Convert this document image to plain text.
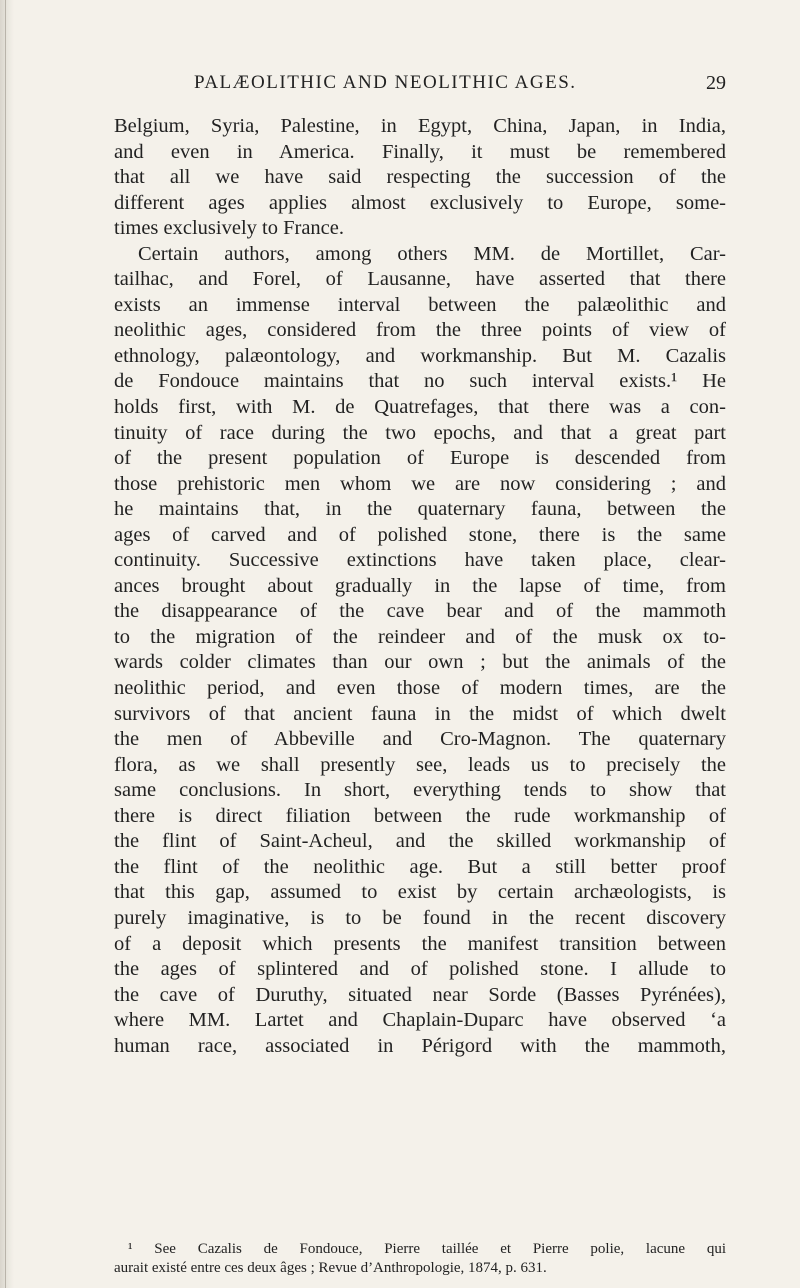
PALÆOLITHIC AND NEOLITHIC AGES.	29
Belgium, Syria, Palestine, in Egypt, China, Japan, in India,
and even in America. Finally, it must be remembered
that all we have said respecting the succession of the
different ages applies almost exclusively to Europe, some-
times exclusively to France.
Certain authors, among others MM. de Mortillet, Car-
tailhac, and Forel, of Lausanne, have asserted that there
exists an immense interval between the palæolithic and
neolithic ages, considered from the three points of view of
ethnology, palæontology, and workmanship. But M. Cazalis
de Fondouce maintains that no such interval exists.¹ He
holds first, with M. de Quatrefages, that there was a con-
tinuity of race during the two epochs, and that a great part
of the present population of Europe is descended from
those prehistoric men whom we are now considering ; and
he maintains that, in the quaternary fauna, between the
ages of carved and of polished stone, there is the same
continuity. Successive extinctions have taken place, clear-
ances brought about gradually in the lapse of time, from
the disappearance of the cave bear and of the mammoth
to the migration of the reindeer and of the musk ox to-
wards colder climates than our own ; but the animals of the
neolithic period, and even those of modern times, are the
survivors of that ancient fauna in the midst of which dwelt
the men of Abbeville and Cro-Magnon. The quaternary
flora, as we shall presently see, leads us to precisely the
same conclusions. In short, everything tends to show that
there is direct filiation between the rude workmanship of
the flint of Saint-Acheul, and the skilled workmanship of
the flint of the neolithic age. But a still better proof
that this gap, assumed to exist by certain archæologists, is
purely imaginative, is to be found in the recent discovery
of a deposit which presents the manifest transition between
the ages of splintered and of polished stone. I allude to
the cave of Duruthy, situated near Sorde (Basses Pyrénées),
where MM. Lartet and Chaplain-Duparc have observed ‘a
human race, associated in Périgord with the mammoth,
¹ See Cazalis de Fondouce, Pierre taillée et Pierre polie, lacune qui
aurait existé entre ces deux âges ; Revue d’Anthropologie, 1874, p. 631.
